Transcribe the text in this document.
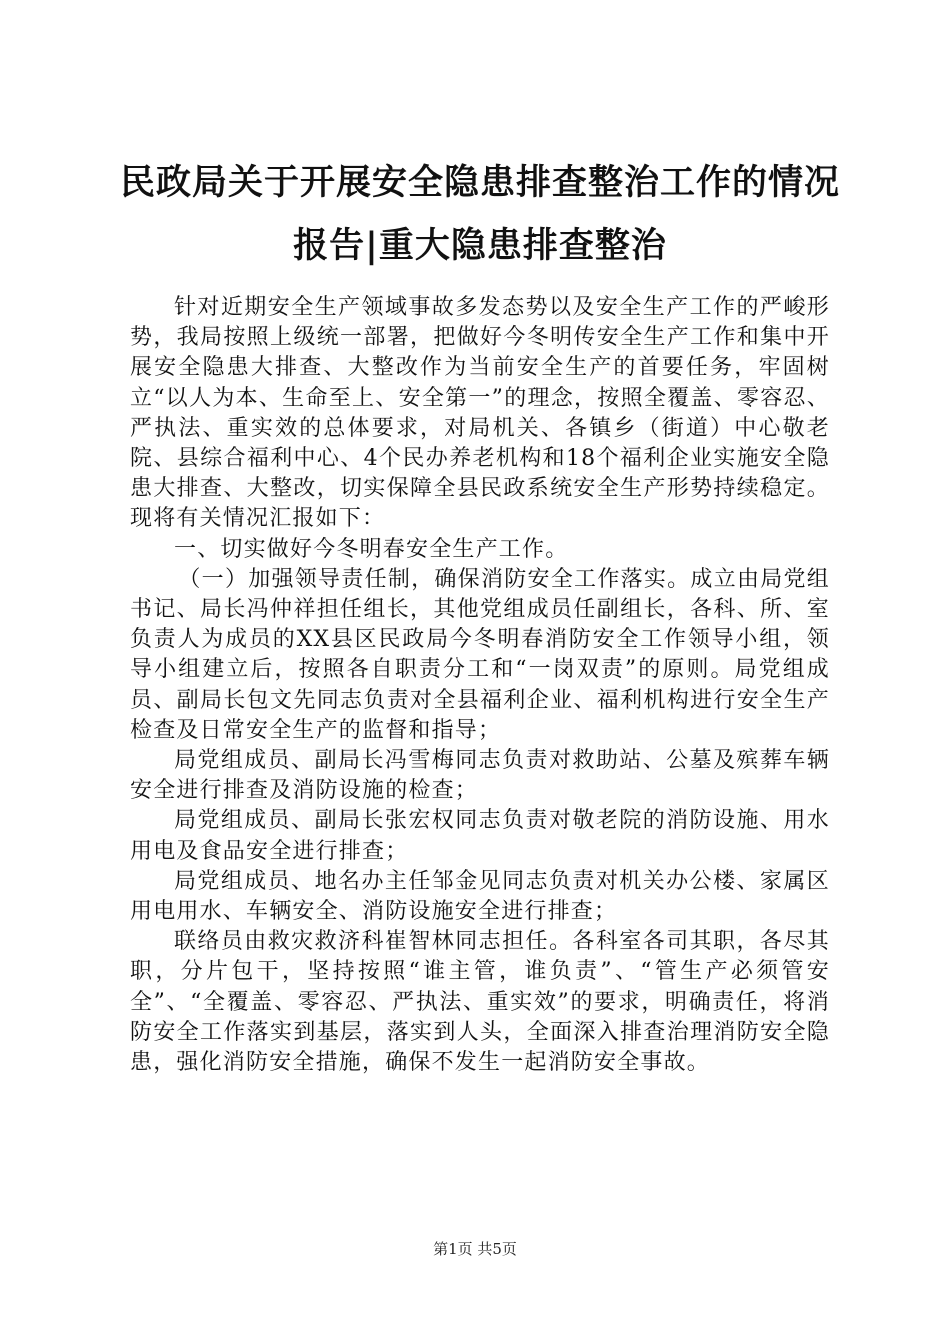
民政局关于开展安全隐患排查整治工作的情况
报告|重大隐患排查整治

针对近期安全生产领域事故多发态势以及安全生产工作的严峻形势，我局按照上级统一部署，把做好今冬明传安全生产工作和集中开展安全隐患大排查、大整改作为当前安全生产的首要任务，牢固树立“以人为本、生命至上、安全第一”的理念，按照全覆盖、零容忍、严执法、重实效的总体要求，对局机关、各镇乡（街道）中心敬老院、县综合福利中心、4个民办养老机构和18个福利企业实施安全隐患大排查、大整改，切实保障全县民政系统安全生产形势持续稳定。现将有关情况汇报如下：

一、切实做好今冬明春安全生产工作。

（一）加强领导责任制，确保消防安全工作落实。成立由局党组书记、局长冯仲祥担任组长，其他党组成员任副组长，各科、所、室负责人为成员的XX县区民政局今冬明春消防安全工作领导小组，领导小组建立后，按照各自职责分工和“一岗双责”的原则。局党组成员、副局长包文先同志负责对全县福利企业、福利机构进行安全生产检查及日常安全生产的监督和指导；

局党组成员、副局长冯雪梅同志负责对救助站、公墓及殡葬车辆安全进行排查及消防设施的检查；

局党组成员、副局长张宏权同志负责对敬老院的消防设施、用水用电及食品安全进行排查；

局党组成员、地名办主任邹金见同志负责对机关办公楼、家属区用电用水、车辆安全、消防设施安全进行排查；

联络员由救灾救济科崔智林同志担任。各科室各司其职，各尽其职，分片包干，坚持按照“谁主管，谁负责”、“管生产必须管安全”、“全覆盖、零容忍、严执法、重实效”的要求，明确责任，将消防安全工作落实到基层，落实到人头，全面深入排查治理消防安全隐患，强化消防安全措施，确保不发生一起消防安全事故。

第1页 共5页
